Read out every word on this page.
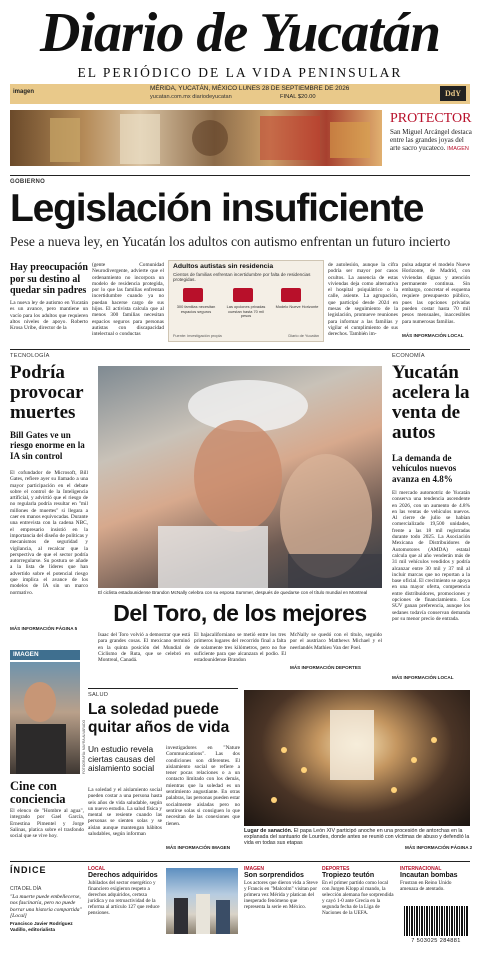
Diario de Yucatán
EL PERIÓDICO DE LA VIDA PENINSULAR
imagen	MÉRIDA, YUCATÁN, MÉXICO LUNES 28 DE SEPTIEMBRE DE 2026
yucatan.com.mx diariodeyucatan	FINAL $20.00	DdY
PROTECTOR
San Miguel Arcángel destaca entre las grandes joyas del arte sacro yucateco. IMAGEN
GOBIERNO
Legislación insuficiente
Pese a nueva ley, en Yucatán los adultos con autismo enfrentan un futuro incierto
Hay preocupación por su destino al quedar sin padres
La nueva ley de autismo en Yucatán es un avance, pero mantiene un vacío para los adultos que requieren altos niveles de apoyo. Roberto Krosa Uribe, director de la
(gente Comunidad Neurodivergente, advierte que el ordenamiento no incorpora un modelo de residencia protegida, por lo que las familias enfrentan incertidumbre cuando ya no puedan hacerse cargo de sus hijos. El activista calcula que al menos 300 familias necesitan espacios seguros para personas autistas con discapacidad intelectual o conductas
Adultos autistas sin residencia
Cientos de familias enfrentan incertidumbre por falta de residencias protegidas.
300 familias necesitan espacios seguros
Las opciones privadas cuestan hasta 70 mil pesos
Modelo Nueve Horizonte
Fuente: investigación propia	Diario de Yucatán
de autolesión, aunque la cifra podría ser mayor por casos ocultos. La ausencia de estas viviendas deja como alternativa el hospital psiquiátrico o la calle, asiente. La agrupación, que participó desde 2024 en mesas de seguimiento de la legislación, promueve reuniones para informar a las familias y vigilar el cumplimiento de sus derechos. También im-
pulsa adaptar el modelo Nueve Horizonte, de Madrid, con viviendas dignas y atención permanente continua. Sin embargo, concretar el esquema requiere presupuesto público, pues las opciones privadas pueden costar hasta 70 mil pesos mensuales, inaccesibles para numerosas familias.
MÁS INFORMACIÓN LOCAL
TECNOLOGÍA
Podría provocar muertes
Bill Gates ve un riesgo enorme en la IA sin control
El cofundador de Microsoft, Bill Gates, refiere ayer su llamado a una mayor participación en el debate sobre el control de la Inteligencia artificial, y advirtió que el riesgo de no regularla podría resultar en "mil millones de muertes" si llegara a caer en manos equivocadas. Durante una entrevista con la cadena NBC, el empresario insistió en la importancia del diseño de políticas y mecanismos de seguridad y vigilancia, al recalcar que la perspectiva de que el sector podría autorregularse. Su postura se añade a la lista de líderes que han advertido sobre el potencial riesgo que implica el avance de los modelos de IA sin un marco normativo.
MÁS INFORMACIÓN PÁGINA 5
El ciclista estadounidense Brandon McNally celebra con su esposa Summer, después de quedarse con el título mundial en Montreal
Del Toro, de los mejores
Isaac del Toro volvió a demostrar que está para grandes cosas. El mexicano terminó en la quinta posición del Mundial de Ciclismo de Ruta, que se celebró en Montreal, Canadá.
El bajacaliforniano se metió entre los tres primeros lugares del recorrido final a falta de solamente tres kilómetros, pero no fue suficiente para que alcanzara el podio. El estadounidense Brandon
McNally se quedó con el título, seguido por el austriaco Matthews Michael y el neerlandés Mathieu Van der Poel.
MÁS INFORMACIÓN DEPORTES
ECONOMÍA
Yucatán acelera la venta de autos
La demanda de vehículos nuevos avanza en 4.8%
El mercado automotriz de Yucatán conserva una tendencia ascendente en 2026, con un aumento de 4.8% en las ventas de vehículos nuevos. Al cierre de julio se habían comercializado 19,500 unidades, frente a las 18 mil registradas durante todo 2025. La Asociación Mexicana de Distribuidores de Automotores (AMDA) estatal calcula que al año venderán más de 31 mil vehículos vendidos y podría alcanzar entre 30 mil y 37 mil al incluir marcas que no reportan a la base oficial. El crecimiento se apoya en una mayor oferta, competencia entre distribuidores, promociones y opciones de financiamiento. Los SUV ganan preferencia, aunque los sedanes todavía conservan demanda por su menor precio de entrada.
MÁS INFORMACIÓN LOCAL
IMAGEN
FOTOGRAFÍA: MAYRA ALVARADO
Cine con conciencia
El elenco de "Hombre al agua", integrado por Gael García, Ernestina Pimentel y Jorge Salinas, platica sobre el trasfondo social que se vive hoy.
SALUD
La soledad puede quitar años de vida
Un estudio revela ciertas causas del aislamiento social
La soledad y el aislamiento social pueden costar a una persona hasta seis años de vida saludable, según un nuevo estudio. La salud física y mental se resiente cuando las personas se sienten solas y se aíslan aunque mantengan hábitos saludables, según informan
investigadores en "Nature Communications". Las dos condiciones son diferentes. El aislamiento social se refiere a tener pocas relaciones o a un contacto limitado con los demás, mientras que la soledad es un sentimiento angustiante. En otras palabras, las personas pueden estar socialmente aisladas pero no sentirse solas si consiguen lo que necesitan de las conexiones que tienen.
MÁS INFORMACIÓN IMAGEN
Lugar de sanación. El papa León XIV participó anoche en una procesión de antorchas en la explanada del santuario de Lourdes, donde antes se reunió con víctimas de abuso y defendió la vida en todas sus etapas
MÁS INFORMACIÓN PÁGINA 2
ÍNDICE
CITA DEL DÍA
"La muerte puede embellecerse, nos fascinaría, pero no puede borrar una historia compartida" [Local]
Francisco Javier Rodríguez Vadillo, editorialista
LOCAL
Derechos adquiridos
Jubilados del sector energético y financiero exigieron respeto a derechos adquiridos, certeza jurídica y no retroactividad de la reforma al artículo 127 que reduce pensiones.
IMAGEN
Son sorprendidos
Los actores que dieron vida a Steve y Francis en "Malcolm" visitan por primera vez Mérida y platican del inesperado fenómeno que representa la serie en México.
DEPORTES
Tropiezo teutón
En el primer partido como local con Jurgen Klopp al mando, la selección alemana fue sorprendida y cayó 1-0 ante Grecia en la segunda fecha de la Liga de Naciones de la UEFA.
INTERNACIONAL
Incautan bombas
Frustran en Reino Unido amenaza de atentado.
7 503025 284881
